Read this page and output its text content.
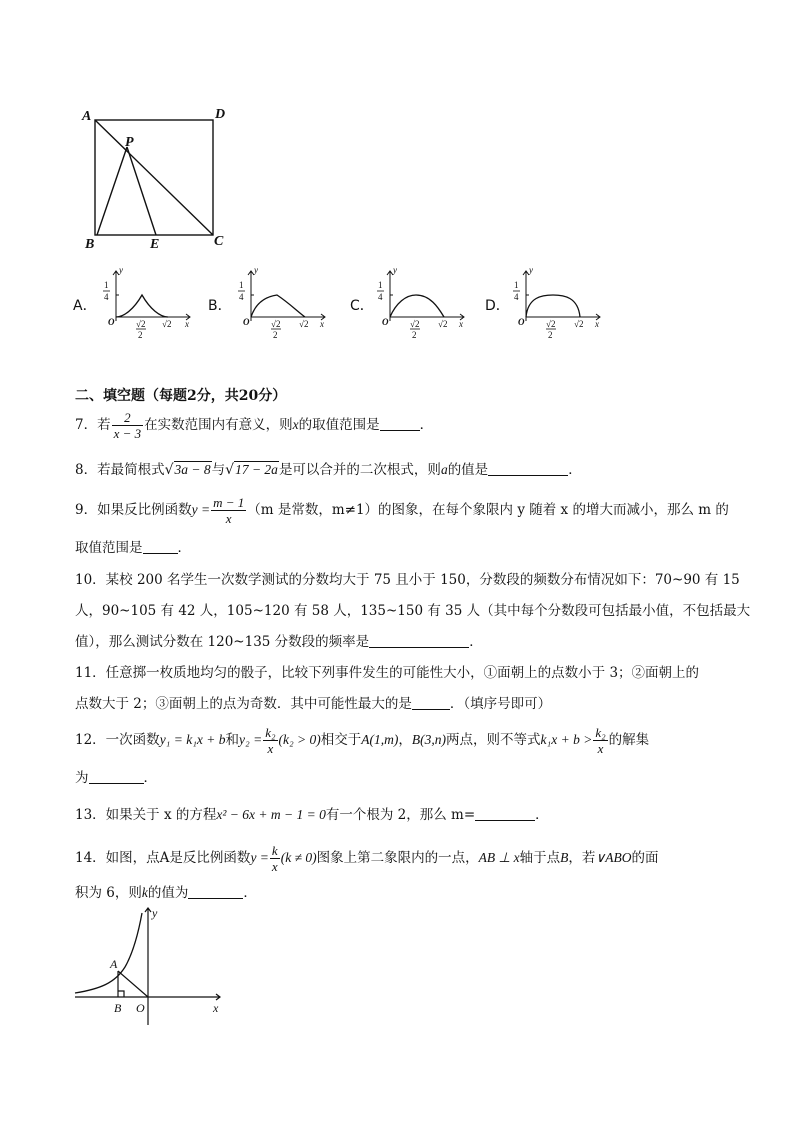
A	D
P
B	E	C
A．	B．	C．	D．
y
1
4
O √2
2
√2 x
y
1
4
O √2
2
√2 x
y
1
4
O √2
2
√2 x
y
1
4
O √2
2
√2 x
二、填空题（每题2分，共20分）
7．若 $\frac{2}{x - 3}$ 在实数范围内有意义，则x的取值范围是	．
8．若最简根式√3a − 8与√17 − 2a是可以合并的二次根式，则a的值是	．
9．如果反比例函数$y = \frac{m - 1}{x} (m$ 是常数，m≠1）的图象，在每个象限内 y 随着 x 的增大而减小，那么 m 的
取值范围是	．
10．某校 200 名学生一次数学测试的分数均大于 75 且小于 150，分数段的频数分布情况如下：70~90 有 15
人，90~105 有 42 人，105~120 有 58 人，135~150 有 35 人（其中每个分数段可包括最小值，不包括最大
值），那么测试分数在 120~135 分数段的频率是	．
11．任意掷一枚质地均匀的骰子，比较下列事件发生的可能性大小，①面朝上的点数小于 3；②面朝上的
点数大于 2；③面朝上的点为奇数．其中可能性最大的是	．（填序号即可）
12．一次函数y₁ = k₁x + b和$y_2 = \frac{\text{k₂}}{x} (k_2 > 0)$相交于A(1,m)，B(3,n)两点，则不等式$k_1x + b > \frac{\text{k₂}}{x}$ 的解集
为	．
13．如果关于 x 的方程x² − 6x + m − 1 = 0有一个根为 2，那么 m=	．
14．如图，点A是反比例函数$y = \frac{k}{x} (k \ne 0)$图象上第二象限内的一点，AB ⊥ x轴于点B，若∨ABO的面
积为 6，则k的值为	．
A
B O	x
y
